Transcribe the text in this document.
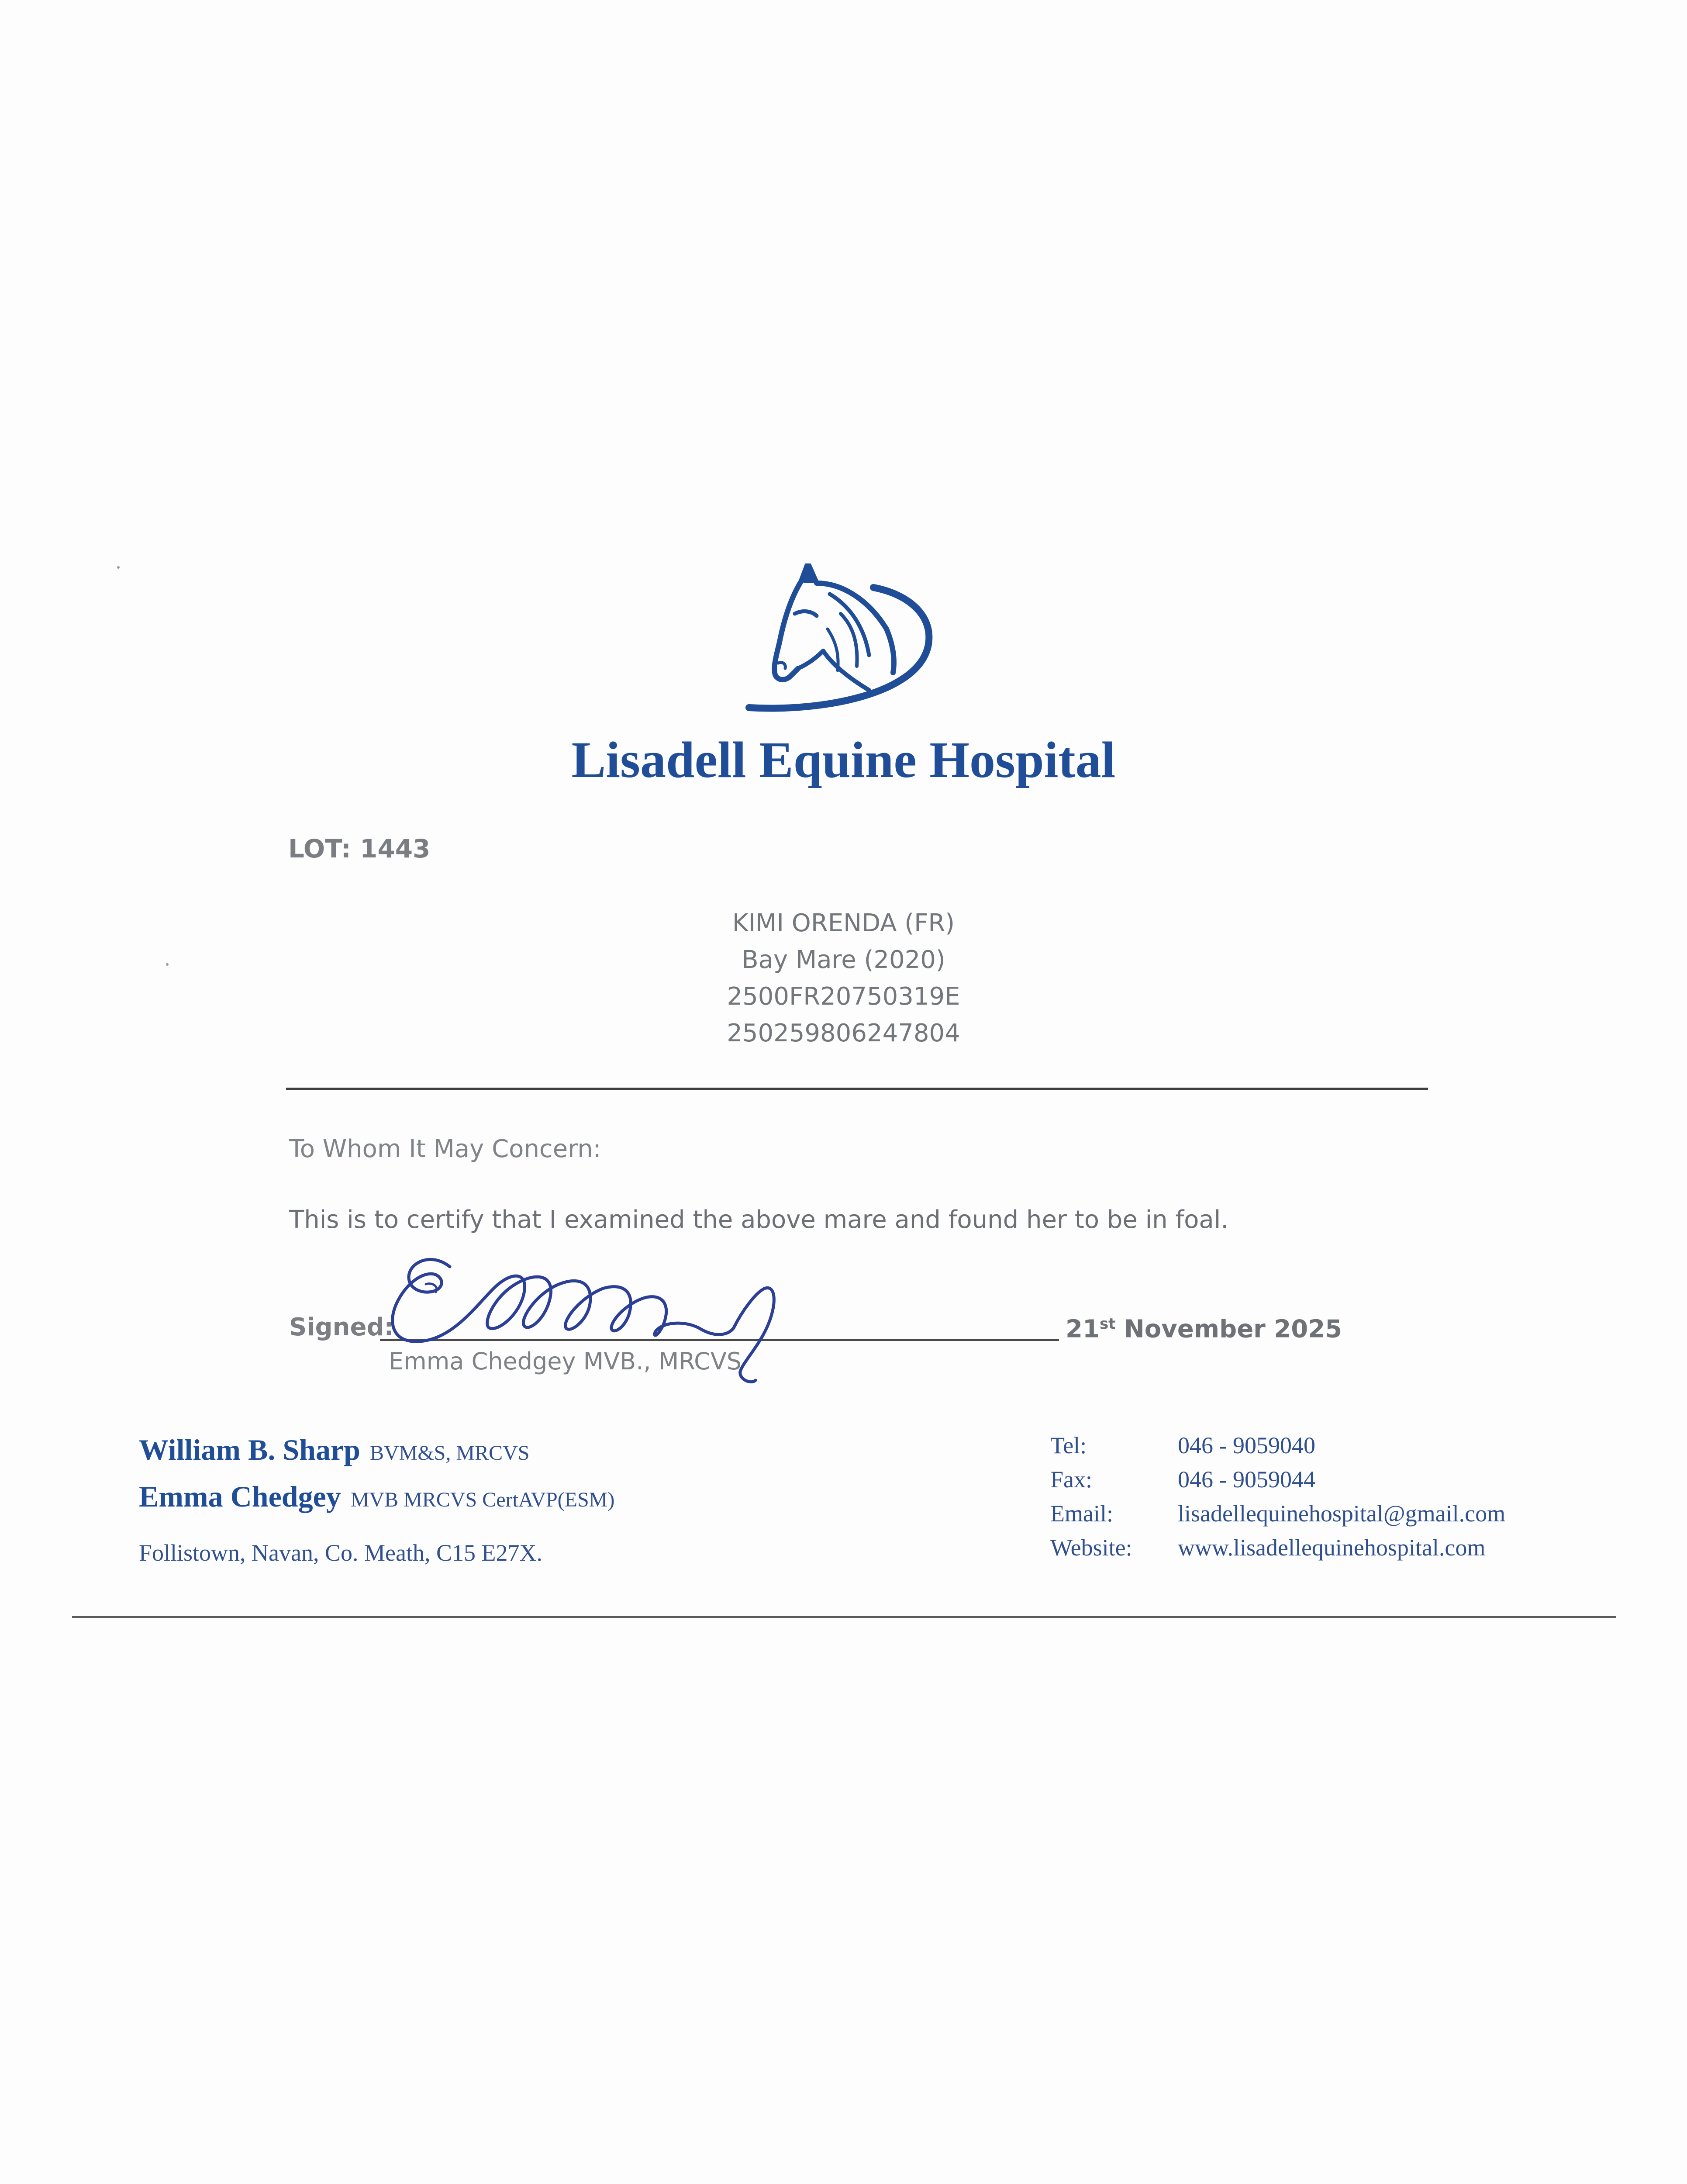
Lisadell Equine Hospital
LOT: 1443
KIMI ORENDA (FR)
Bay Mare (2020)
2500FR20750319E
250259806247804
To Whom It May Concern:
This is to certify that I examined the above mare and found her to be in foal.
Signed:	21st November 2025
Emma Chedgey MVB., MRCVS
William B. Sharp BVM&S, MRCVS
Emma Chedgey MVB MRCVS CertAVP(ESM)
Follistown, Navan, Co. Meath, C15 E27X.
Tel:	046 - 9059040
Fax:	046 - 9059044
Email:	lisadellequinehospital@gmail.com
Website: www.lisadellequinehospital.com
